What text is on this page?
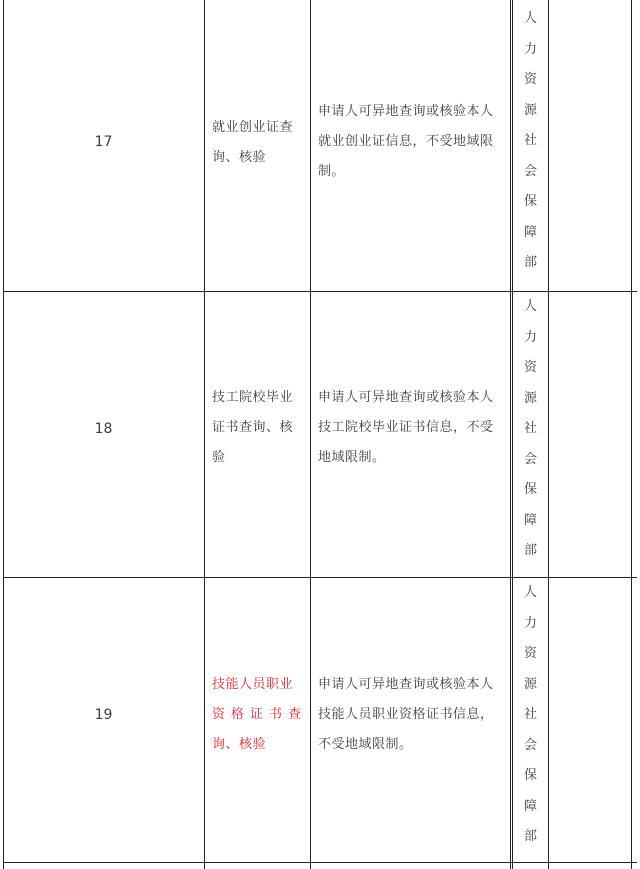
17
就业创业证查
询、核验
申请人可异地查询或核验本人
就业创业证信息，不受地域限
制。
人
力
资
源
社
会
保
障
部
18
技工院校毕业
证书查询、核
验
申请人可异地查询或核验本人
技工院校毕业证书信息，不受
地域限制。
人
力
资
源
社
会
保
障
部
19
技能人员职业
资格证书查
询、核验
申请人可异地查询或核验本人
技能人员职业资格证书信息，
不受地域限制。
人
力
资
源
社
会
保
障
部
